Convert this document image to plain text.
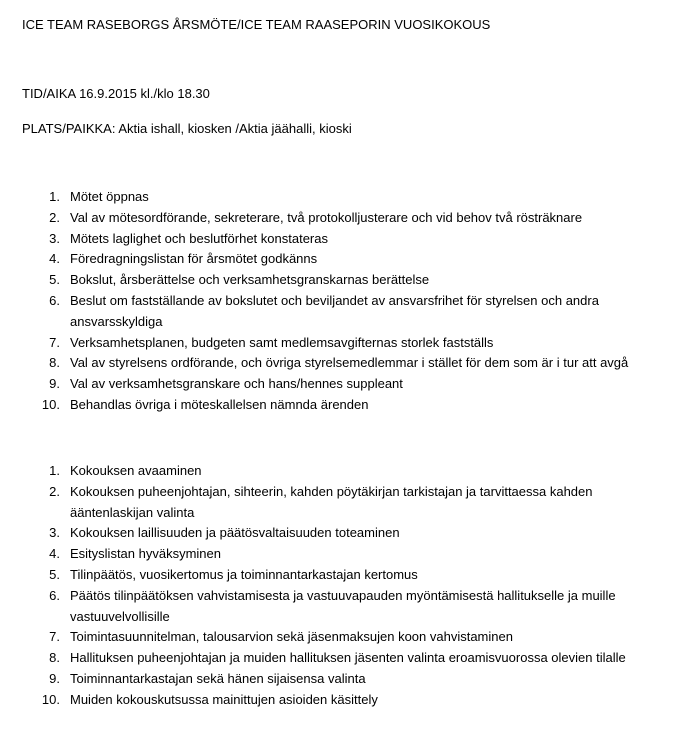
ICE TEAM RASEBORGS ÅRSMÖTE/ICE TEAM RAASEPORIN VUOSIKOKOUS
TID/AIKA 16.9.2015 kl./klo 18.30
PLATS/PAIKKA: Aktia ishall, kiosken /Aktia jäähalli, kioski
1. Mötet öppnas
2. Val av mötesordförande, sekreterare, två protokolljusterare och vid behov två rösträknare
3. Mötets laglighet och beslutförhet konstateras
4. Föredragningslistan för årsmötet godkänns
5. Bokslut, årsberättelse och verksamhetsgranskarnas berättelse
6. Beslut om fastställande av bokslutet och beviljandet av ansvarsfrihet för styrelsen och andra ansvarsskyldiga
7. Verksamhetsplanen, budgeten samt medlemsavgifternas storlek fastställs
8. Val av styrelsens ordförande, och övriga styrelsemedlemmar i stället för dem som är i tur att avgå
9. Val av verksamhetsgranskare och hans/hennes suppleant
10. Behandlas övriga i möteskallelsen nämnda ärenden
1. Kokouksen avaaminen
2. Kokouksen puheenjohtajan, sihteerin, kahden pöytäkirjan tarkistajan ja tarvittaessa kahden ääntenlaskijan valinta
3. Kokouksen laillisuuden ja päätösvaltaisuuden toteaminen
4. Esityslistan hyväksyminen
5. Tilinpäätös, vuosikertomus ja toiminnantarkastajan kertomus
6. Päätös tilinpäätöksen vahvistamisesta ja vastuuvapauden myöntämisestä hallitukselle ja muille vastuuvelvollisille
7. Toimintasuunnitelman, talousarvion sekä jäsenmaksujen koon vahvistaminen
8. Hallituksen puheenjohtajan ja muiden hallituksen jäsenten valinta eroamisvuorossa olevien tilalle
9. Toiminnantarkastajan sekä hänen sijaisensa valinta
10. Muiden kokouskutsussa mainittujen asioiden käsittely
